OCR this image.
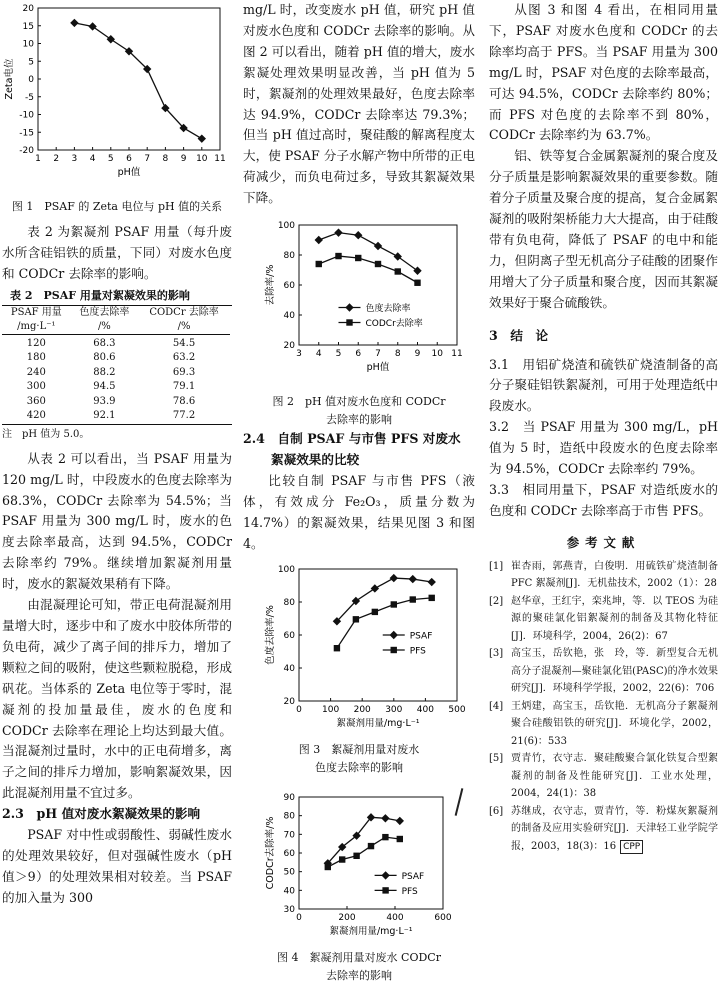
1 2 3 4 5 6 7 8 9 10 11
-20
-15
-10
-5
0
5
10
15
20
pH值
Zeta电位
图 1　PSAF 的 Zeta 电位与 pH 值的关系
表 2 为絮凝剂 PSAF 用量（每升废水所含硅铝铁的质量，下同）对废水色度和 CODCr 去除率的影响。
表 2　PSAF 用量对絮凝效果的影响
PSAF 用量	色度去除率	CODCr 去除率
/mg·L⁻¹	/%	/%
120	68.3	54.5
180	80.6	63.2
240	88.2	69.3
300	94.5	79.1
360	93.9	78.6
420	92.1	77.2
注　pH 值为 5.0。
从表 2 可以看出，当 PSAF 用量为 120 mg/L 时，中段废水的色度去除率为 68.3%，CODCr 去除率为 54.5%；当 PSAF 用量为 300 mg/L 时，废水的色度去除率最高，达到 94.5%，CODCr 去除率约 79%。继续增加絮凝剂用量时，废水的絮凝效果稍有下降。
由混凝理论可知，带正电荷混凝剂用量增大时，逐步中和了废水中胶体所带的负电荷，减少了离子间的排斥力，增加了颗粒之间的吸附，使这些颗粒脱稳，形成矾花。当体系的 Zeta 电位等于零时，混凝剂的投加量最佳，废水的色度和 CODCr 去除率在理论上均达到最大值。当混凝剂过量时，水中的正电荷增多，离子之间的排斥力增加，影响絮凝效果，因此混凝剂用量不宜过多。
2.3　pH 值对废水絮凝效果的影响
PSAF 对中性或弱酸性、弱碱性废水的处理效果较好，但对强碱性废水（pH 值＞9）的处理效果相对较差。当 PSAF 的加入量为 300
mg/L 时，改变废水 pH 值，研究 pH 值对废水色度和 CODCr 去除率的影响。从图 2 可以看出，随着 pH 值的增大，废水絮凝处理效果明显改善，当 pH 值为 5 时，絮凝剂的处理效果最好，色度去除率达 94.9%，CODCr 去除率达 79.3%；但当 pH 值过高时，聚硅酸的解离程度太大，使 PSAF 分子水解产物中所带的正电荷减少，而负电荷过多，导致其絮凝效果下降。
3 4 5 6 7 8 9 10 11
20
40
60
80
100
pH值
去除率/%
色度去除率
CODCr去除率
图 2　pH 值对废水色度和 CODCr
去除率的影响
2.4　自制 PSAF 与市售 PFS 对废水
絮凝效果的比较
比较自制 PSAF 与市售 PFS（液体，有效成分 Fe₂O₃，质量分数为 14.7%）的絮凝效果，结果见图 3 和图 4。
0 100 200 300 400 500
20
40
60
80
100
絮凝剂用量/mg·L⁻¹
色度去除率/%	PSAF
PFS
图 3　絮凝剂用量对废水
色度去除率的影响
0	200	400	600
30
40
50
60
70
80
90
絮凝剂用量/mg·L⁻¹
CODCr去除率/%	PSAF
PFS
图 4　絮凝剂用量对废水 CODCr
去除率的影响
从图 3 和图 4 看出，在相同用量下，PSAF 对废水色度和 CODCr 的去除率均高于 PFS。当 PSAF 用量为 300 mg/L 时，PSAF 对色度的去除率最高，可达 94.5%，CODCr 去除率约 80%；而 PFS 对色度的去除率不到 80%，CODCr 去除率约为 63.7%。
铝、铁等复合金属絮凝剂的聚合度及分子质量是影响絮凝效果的重要参数。随着分子质量及聚合度的提高，复合金属絮凝剂的吸附架桥能力大大提高，由于硅酸带有负电荷，降低了 PSAF 的电中和能力，但阴离子型无机高分子硅酸的团聚作用增大了分子质量和聚合度，因而其絮凝效果好于聚合硫酸铁。
3　结　论
3.1　用铝矿烧渣和硫铁矿烧渣制备的高分子聚硅铝铁絮凝剂，可用于处理造纸中段废水。
3.2　当 PSAF 用量为 300 mg/L，pH 值为 5 时，造纸中段废水的色度去除率为 94.5%，CODCr 去除率约 79%。
3.3　相同用量下，PSAF 对造纸废水的色度和 CODCr 去除率高于市售 PFS。
参考文献
[1] 崔杏雨，郭燕青，白俊明．用硫铁矿烧渣制备 PFC 絮凝剂[J]．无机盐技术，2002（1）：28
[2] 赵华章，王红宇，栾兆坤，等．以 TEOS 为硅源的聚硅氯化铝絮凝剂的制备及其物化特征[J]．环境科学，2004，26(2)：67
[3] 高宝玉，岳钦艳，张　玲，等．新型复合无机高分子混凝剂—聚硅氯化铝(PASC)的净水效果研究[J]．环境科学学报，2002，22(6)：706
[4] 王炳建，高宝玉，岳钦艳．无机高分子絮凝剂聚合硅酸铝铁的研究[J]．环境化学，2002，21(6)：533
[5] 贾青竹，衣守志．聚硅酸聚合氯化铁复合型絮凝剂的制备及性能研究[J]．工业水处理，2004，24(1)：38
[6] 苏继成，衣守志，贾青竹，等．粉煤灰絮凝剂的制备及应用实验研究[J]．天津轻工业学院学报，2003，18(3)：16 CPP
